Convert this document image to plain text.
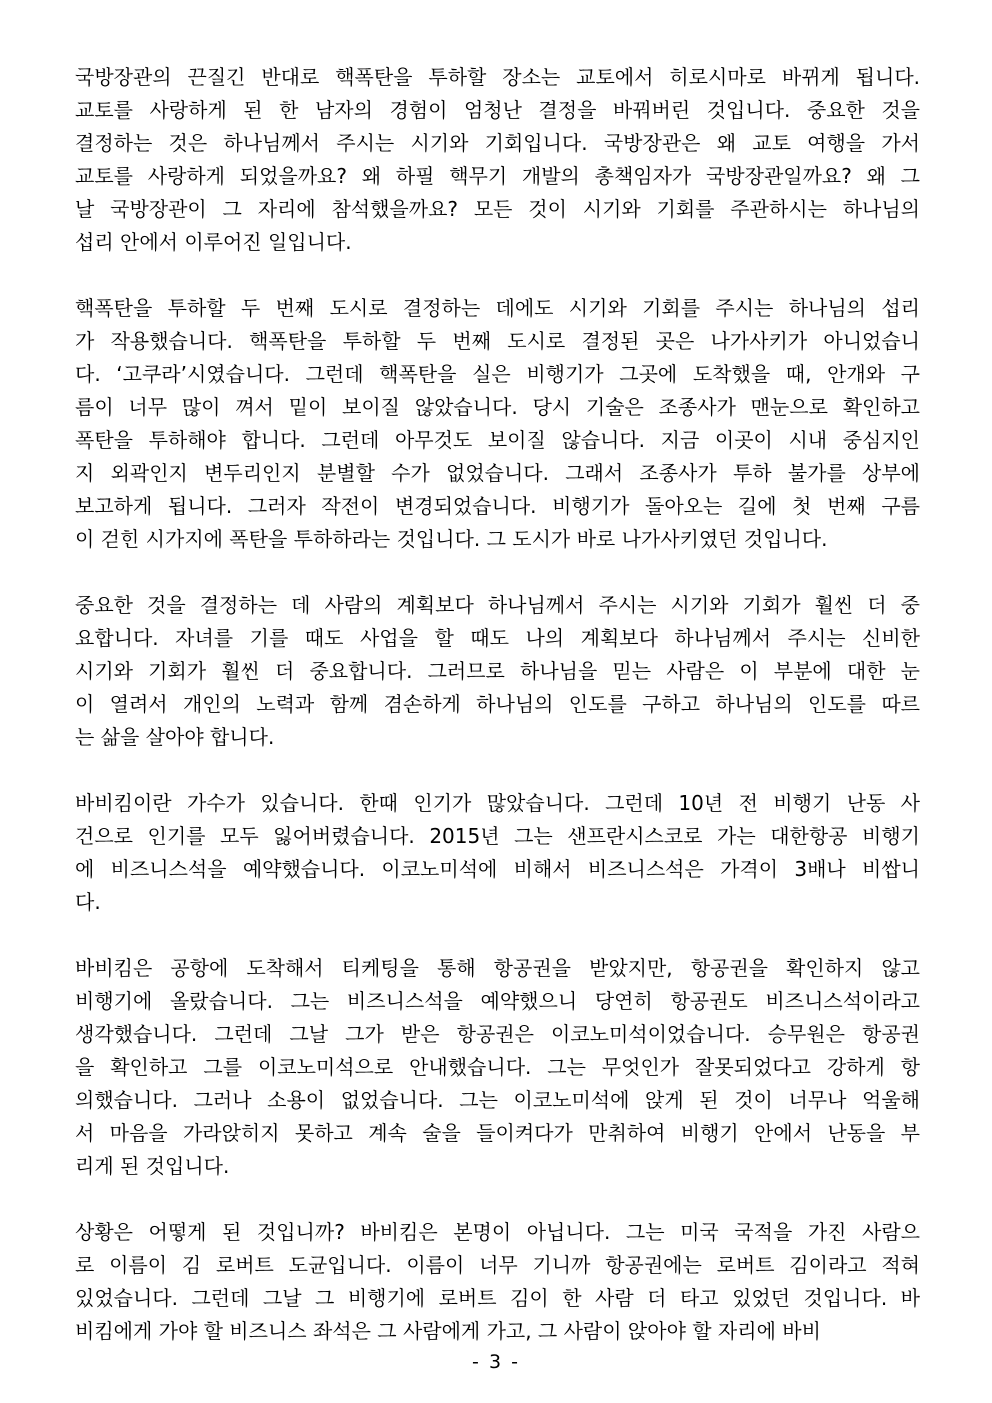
국방장관의 끈질긴 반대로 핵폭탄을 투하할 장소는 교토에서 히로시마로 바뀌게 됩니다.
교토를 사랑하게 된 한 남자의 경험이 엄청난 결정을 바꿔버린 것입니다. 중요한 것을
결정하는 것은 하나님께서 주시는 시기와 기회입니다. 국방장관은 왜 교토 여행을 가서
교토를 사랑하게 되었을까요? 왜 하필 핵무기 개발의 총책임자가 국방장관일까요? 왜 그
날 국방장관이 그 자리에 참석했을까요? 모든 것이 시기와 기회를 주관하시는 하나님의
섭리 안에서 이루어진 일입니다.
핵폭탄을 투하할 두 번째 도시로 결정하는 데에도 시기와 기회를 주시는 하나님의 섭리
가 작용했습니다. 핵폭탄을 투하할 두 번째 도시로 결정된 곳은 나가사키가 아니었습니
다. ‘고쿠라’시였습니다. 그런데 핵폭탄을 실은 비행기가 그곳에 도착했을 때, 안개와 구
름이 너무 많이 껴서 밑이 보이질 않았습니다. 당시 기술은 조종사가 맨눈으로 확인하고
폭탄을 투하해야 합니다. 그런데 아무것도 보이질 않습니다. 지금 이곳이 시내 중심지인
지 외곽인지 변두리인지 분별할 수가 없었습니다. 그래서 조종사가 투하 불가를 상부에
보고하게 됩니다. 그러자 작전이 변경되었습니다. 비행기가 돌아오는 길에 첫 번째 구름
이 걷힌 시가지에 폭탄을 투하하라는 것입니다. 그 도시가 바로 나가사키였던 것입니다.
중요한 것을 결정하는 데 사람의 계획보다 하나님께서 주시는 시기와 기회가 훨씬 더 중
요합니다. 자녀를 기를 때도 사업을 할 때도 나의 계획보다 하나님께서 주시는 신비한
시기와 기회가 훨씬 더 중요합니다. 그러므로 하나님을 믿는 사람은 이 부분에 대한 눈
이 열려서 개인의 노력과 함께 겸손하게 하나님의 인도를 구하고 하나님의 인도를 따르
는 삶을 살아야 합니다.
바비킴이란 가수가 있습니다. 한때 인기가 많았습니다. 그런데 10년 전 비행기 난동 사
건으로 인기를 모두 잃어버렸습니다. 2015년 그는 샌프란시스코로 가는 대한항공 비행기
에 비즈니스석을 예약했습니다. 이코노미석에 비해서 비즈니스석은 가격이 3배나 비쌉니
다.
바비킴은 공항에 도착해서 티케팅을 통해 항공권을 받았지만, 항공권을 확인하지 않고
비행기에 올랐습니다. 그는 비즈니스석을 예약했으니 당연히 항공권도 비즈니스석이라고
생각했습니다. 그런데 그날 그가 받은 항공권은 이코노미석이었습니다. 승무원은 항공권
을 확인하고 그를 이코노미석으로 안내했습니다. 그는 무엇인가 잘못되었다고 강하게 항
의했습니다. 그러나 소용이 없었습니다. 그는 이코노미석에 앉게 된 것이 너무나 억울해
서 마음을 가라앉히지 못하고 계속 술을 들이켜다가 만취하여 비행기 안에서 난동을 부
리게 된 것입니다.
상황은 어떻게 된 것입니까? 바비킴은 본명이 아닙니다. 그는 미국 국적을 가진 사람으
로 이름이 김 로버트 도균입니다. 이름이 너무 기니까 항공권에는 로버트 김이라고 적혀
있었습니다. 그런데 그날 그 비행기에 로버트 김이 한 사람 더 타고 있었던 것입니다. 바
비킴에게 가야 할 비즈니스 좌석은 그 사람에게 가고, 그 사람이 앉아야 할 자리에 바비
- 3 -
